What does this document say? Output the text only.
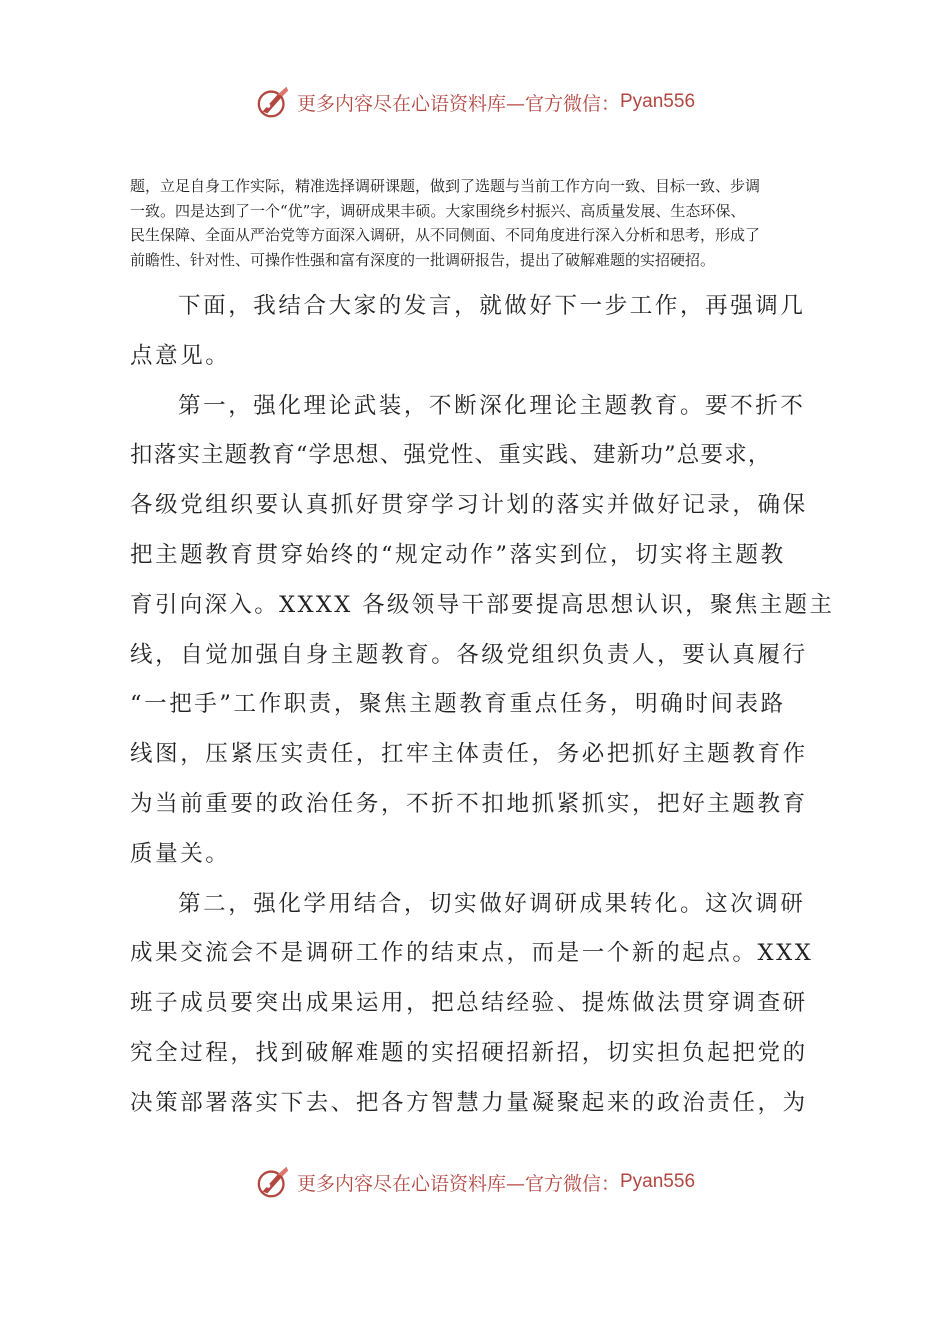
更多内容尽在心语资料库—官方微信： Pyan556
题，立足自身工作实际，精准选择调研课题，做到了选题与当前工作方向一致、目标一致、步调
一致。四是达到了一个“优”字，调研成果丰硕。大家围绕乡村振兴、高质量发展、生态环保、
民生保障、全面从严治党等方面深入调研，从不同侧面、不同角度进行深入分析和思考，形成了
前瞻性、针对性、可操作性强和富有深度的一批调研报告，提出了破解难题的实招硬招。
下面，我结合大家的发言，就做好下一步工作，再强调几
点意见。
第一，强化理论武装，不断深化理论主题教育。要不折不
扣落实主题教育“学思想、强党性、重实践、建新功”总要求，
各级党组织要认真抓好贯穿学习计划的落实并做好记录，确保
把主题教育贯穿始终的“规定动作”落实到位，切实将主题教
育引向深入。XXXX 各级领导干部要提高思想认识，聚焦主题主
线，自觉加强自身主题教育。各级党组织负责人，要认真履行
“一把手”工作职责，聚焦主题教育重点任务，明确时间表路
线图，压紧压实责任，扛牢主体责任，务必把抓好主题教育作
为当前重要的政治任务，不折不扣地抓紧抓实，把好主题教育
质量关。
第二，强化学用结合，切实做好调研成果转化。这次调研
成果交流会不是调研工作的结束点，而是一个新的起点。XXX
班子成员要突出成果运用，把总结经验、提炼做法贯穿调查研
究全过程，找到破解难题的实招硬招新招，切实担负起把党的
决策部署落实下去、把各方智慧力量凝聚起来的政治责任，为
更多内容尽在心语资料库—官方微信： Pyan556
